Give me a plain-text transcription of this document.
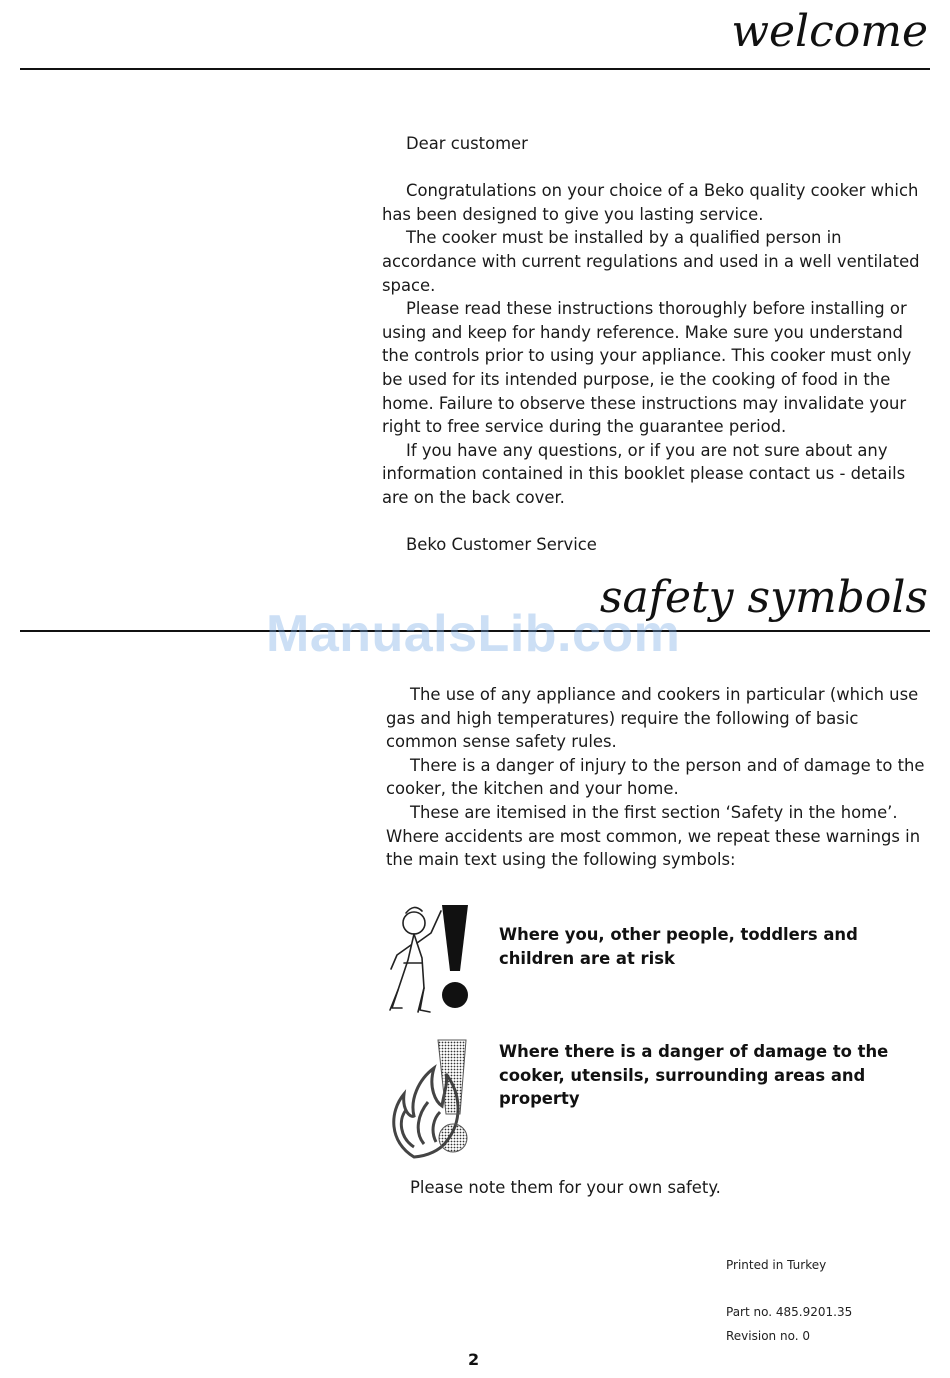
welcome

Dear customer

Congratulations on your choice of a Beko quality cooker which has been designed to give you lasting service.

The cooker must be installed by a qualified person in accordance with current regulations and used in a well ventilated space.

Please read these instructions thoroughly before installing or using and keep for handy reference. Make sure you understand the controls prior to using your appliance. This cooker must only be used for its intended purpose, ie the cooking of food in the home. Failure to observe these instructions may invalidate your right to free service during the guarantee period.

If you have any questions, or if you are not sure about any information contained in this booklet please contact us - details are on the back cover.

Beko Customer Service

safety symbols
ManualsLib.com

The use of any appliance and cookers in particular (which use gas and high temperatures) require the following of basic common sense safety rules.

There is a danger of injury to the person and of damage to the cooker, the kitchen and your home.

These are itemised in the first section ‘Safety in the home’. Where accidents are most common, we repeat these warnings in the main text using the following symbols:

Where you, other people, toddlers and children are at risk
Where there is a danger of damage to the cooker, utensils, surrounding areas and property
Please note them for your own safety.
Printed in Turkey
Part no. 485.9201.35
Revision no. 0
2
